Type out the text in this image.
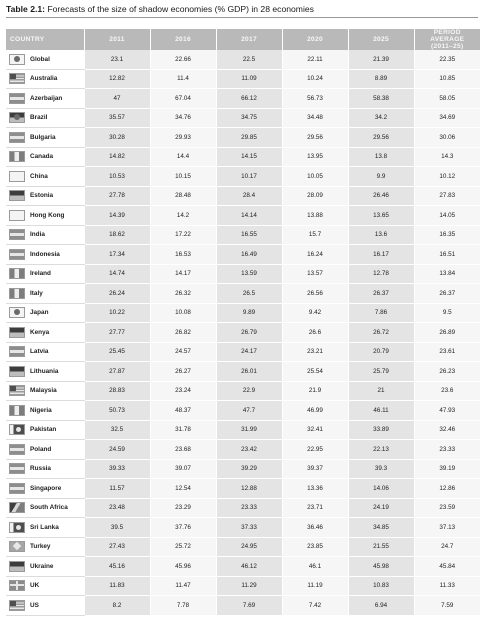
Table 2.1: Forecasts of the size of shadow economies (% GDP) in 28 economies
COUNTRY	2011	2016	2017	2020	2025	PERIOD AVERAGE (2011–25)
Global	23.1	22.66	22.5	22.11	21.39	22.35
Australia	12.82	11.4	11.09	10.24	8.89	10.85
Azerbaijan	47	67.04	66.12	56.73	58.38	58.05
Brazil	35.57	34.76	34.75	34.48	34.2	34.69
Bulgaria	30.28	29.93	29.85	29.56	29.56	30.06
Canada	14.82	14.4	14.15	13.95	13.8	14.3
China	10.53	10.15	10.17	10.05	9.9	10.12
Estonia	27.78	28.48	28.4	28.09	26.46	27.83
Hong Kong	14.39	14.2	14.14	13.88	13.65	14.05
India	18.62	17.22	16.55	15.7	13.6	16.35
Indonesia	17.34	16.53	16.49	16.24	16.17	16.51
Ireland	14.74	14.17	13.59	13.57	12.78	13.84
Italy	26.24	26.32	26.5	26.56	26.37	26.37
Japan	10.22	10.08	9.89	9.42	7.86	9.5
Kenya	27.77	26.82	26.79	26.6	26.72	26.89
Latvia	25.45	24.57	24.17	23.21	20.79	23.61
Lithuania	27.87	26.27	26.01	25.54	25.79	26.23
Malaysia	28.83	23.24	22.9	21.9	21	23.6
Nigeria	50.73	48.37	47.7	46.99	46.11	47.93
Pakistan	32.5	31.78	31.99	32.41	33.89	32.46
Poland	24.59	23.68	23.42	22.95	22.13	23.33
Russia	39.33	39.07	39.29	39.37	39.3	39.19
Singapore	11.57	12.54	12.88	13.36	14.06	12.86
South Africa	23.48	23.29	23.33	23.71	24.19	23.59
Sri Lanka	39.5	37.76	37.33	36.46	34.85	37.13
Turkey	27.43	25.72	24.95	23.85	21.55	24.7
Ukraine	45.16	45.96	46.12	46.1	45.98	45.84
UK	11.83	11.47	11.29	11.19	10.83	11.33
US	8.2	7.78	7.69	7.42	6.94	7.59
